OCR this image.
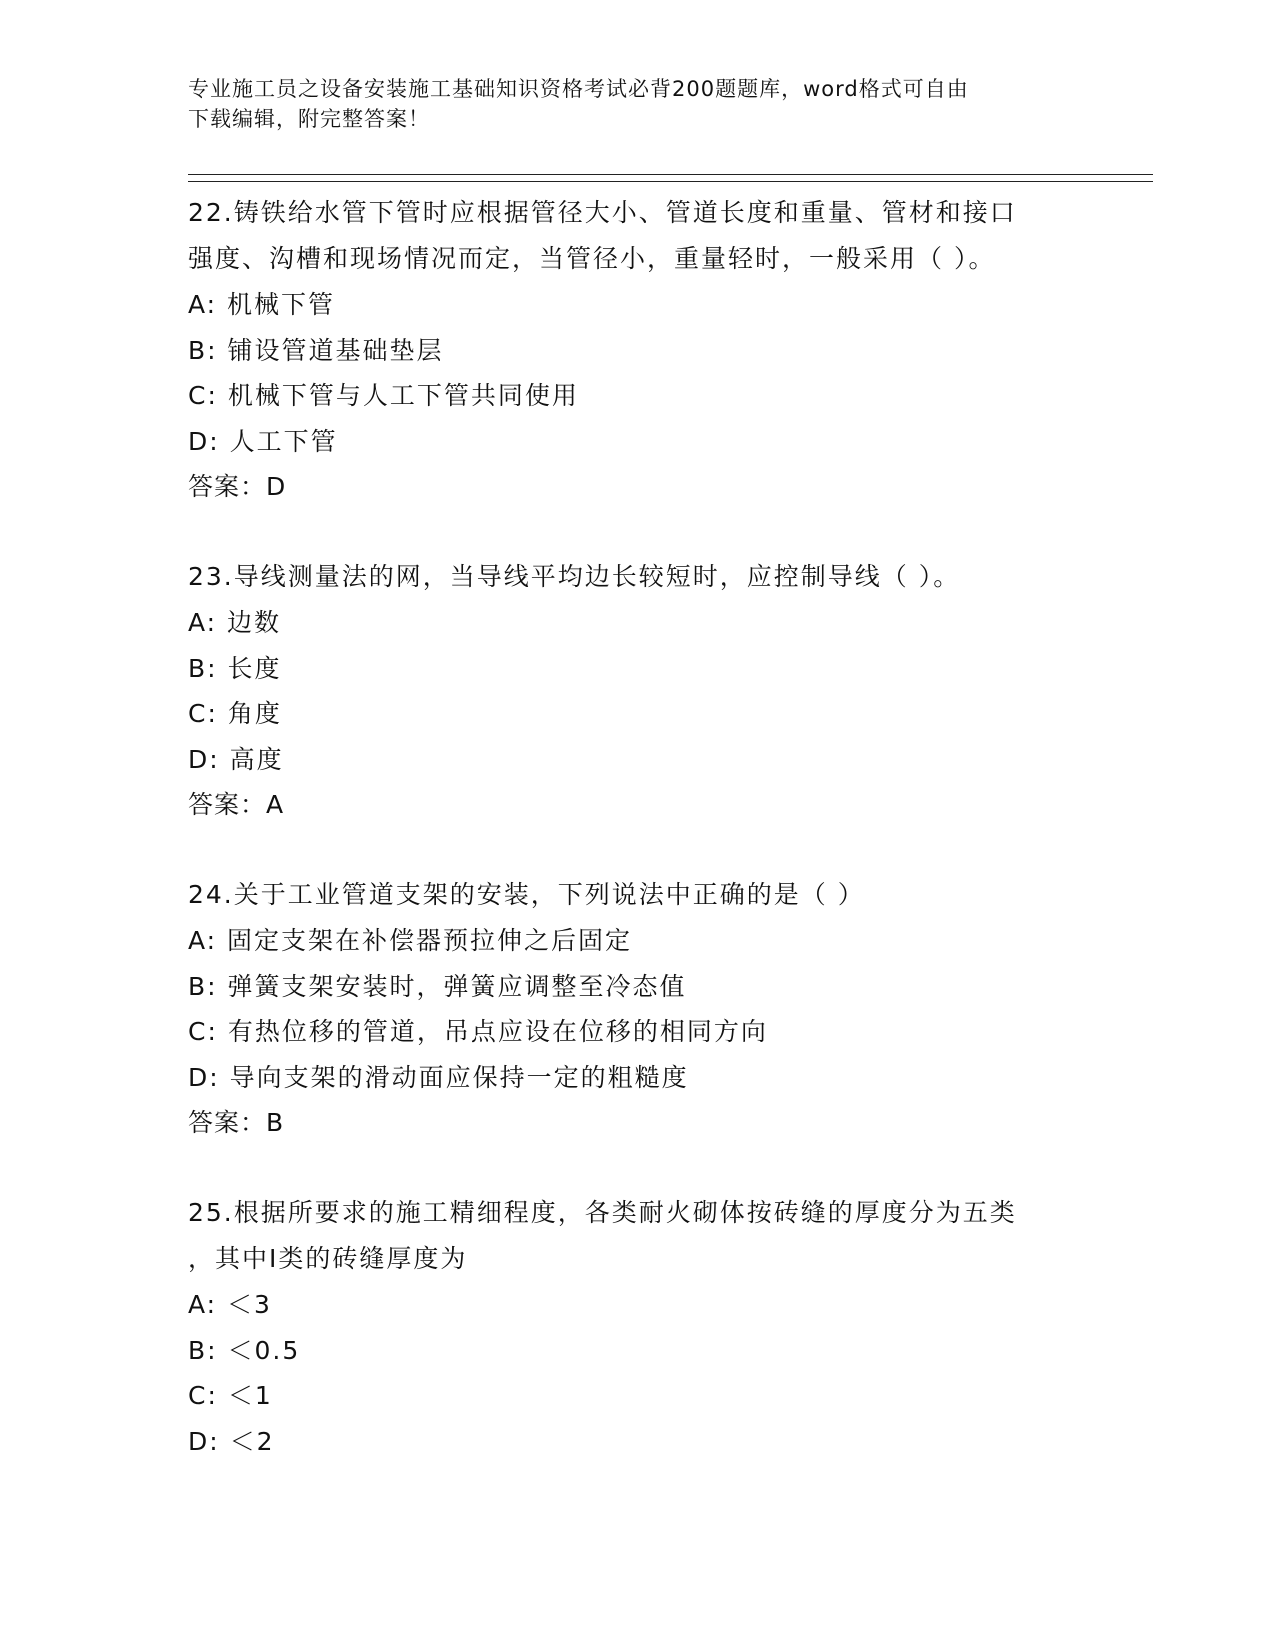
专业施工员之设备安装施工基础知识资格考试必背200题题库，word格式可自由
下载编辑，附完整答案！
22.铸铁给水管下管时应根据管径大小、管道长度和重量、管材和接口
强度、沟槽和现场情况而定，当管径小，重量轻时，一般采用（ ）。
A: 机械下管
B: 铺设管道基础垫层
C: 机械下管与人工下管共同使用
D: 人工下管
答案：D
23.导线测量法的网，当导线平均边长较短时，应控制导线（ ）。
A: 边数
B: 长度
C: 角度
D: 高度
答案：A
24.关于工业管道支架的安装，下列说法中正确的是（ ）
A: 固定支架在补偿器预拉伸之后固定
B: 弹簧支架安装时，弹簧应调整至冷态值
C: 有热位移的管道，吊点应设在位移的相同方向
D: 导向支架的滑动面应保持一定的粗糙度
答案：B
25.根据所要求的施工精细程度，各类耐火砌体按砖缝的厚度分为五类
，其中Ⅰ类的砖缝厚度为
A: ＜3
B: ＜0.5
C: ＜1
D: ＜2
